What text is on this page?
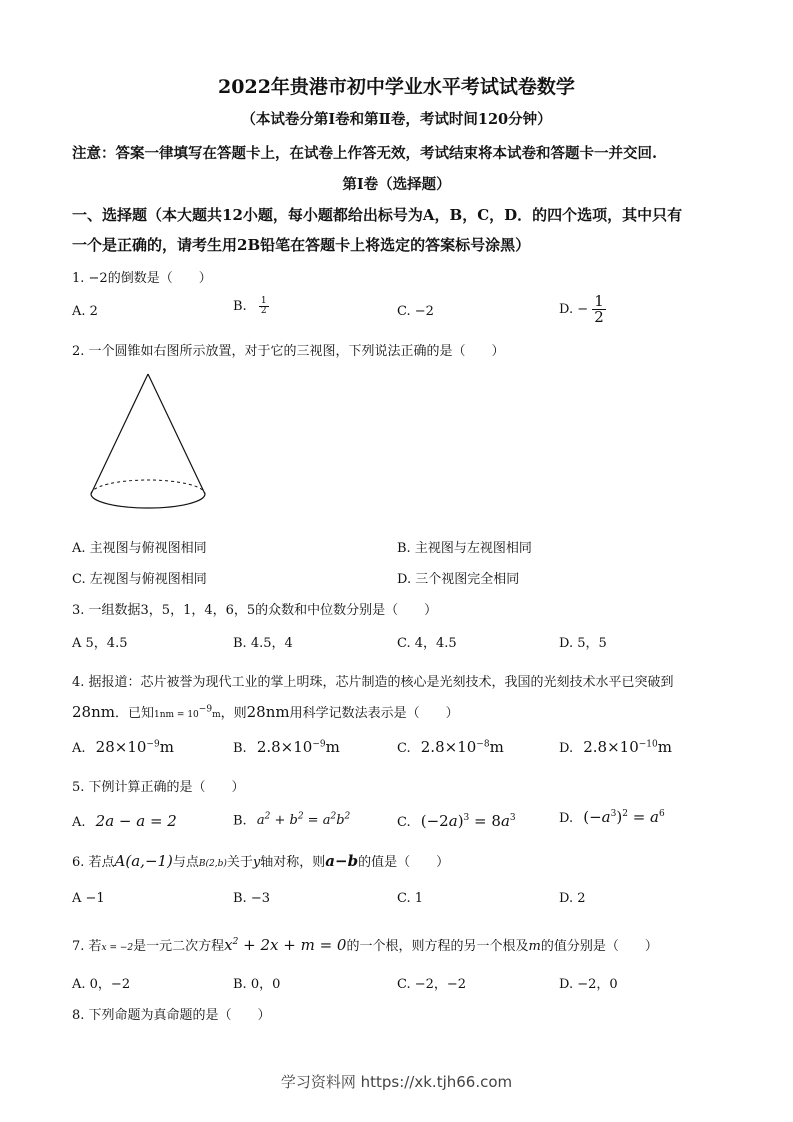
2022年贵港市初中学业水平考试试卷数学
（本试卷分第Ⅰ卷和第Ⅱ卷，考试时间120分钟）
注意：答案一律填写在答题卡上，在试卷上作答无效，考试结束将本试卷和答题卡一并交回.
第Ⅰ卷（选择题）
一、选择题（本大题共12小题，每小题都给出标号为A，B，C，D．的四个选项，其中只有
一个是正确的，请考生用2B铅笔在答题卡上将选定的答案标号涂黑）
1. −2的倒数是（　　）
A. 2	B. $\frac{1}{2}$	C. −2	D. − $\frac{1}{2}$
2. 一个圆锥如右图所示放置，对于它的三视图，下列说法正确的是（　　）
A. 主视图与俯视图相同	B. 主视图与左视图相同
C. 左视图与俯视图相同	D. 三个视图完全相同
3. 一组数据3，5，1，4，6，5的众数和中位数分别是（　　）
A 5，4.5	B. 4.5，4	C. 4，4.5	D. 5，5
4. 据报道：芯片被誉为现代工业的掌上明珠，芯片制造的核心是光刻技术，我国的光刻技术水平已突破到
28nm．已知$1nm = 10^{-9}m$，则28nm用科学记数法表示是（　　）
A. $28\times 10^{-9}m$	B. $2.8\times 10^{-9}m$	C. $2.8\times 10^{-8}m$	D. $2.8\times 10^{-10}m$
5. 下例计算正确的是（　　）
A. 2a − a = 2	B. $a^2 + b^2 = a^2b^2$	C. $(-2a)^3 = 8a^3$	D. $(-a^3)^2 = a^6$
6. 若点A(a,−1)与点B(2,b)关于y轴对称，则a−b的值是（　　）
A −1	B. −3	C. 1	D. 2
7. 若x = −2是一元二次方程$x^2 + 2x + m = 0$的一个根，则方程的另一个根及m的值分别是（　　）
A. 0，−2	B. 0，0	C. −2，−2	D. −2，0
8. 下列命题为真命题的是（　　）
学习资料网 https://xk.tjh66.com
